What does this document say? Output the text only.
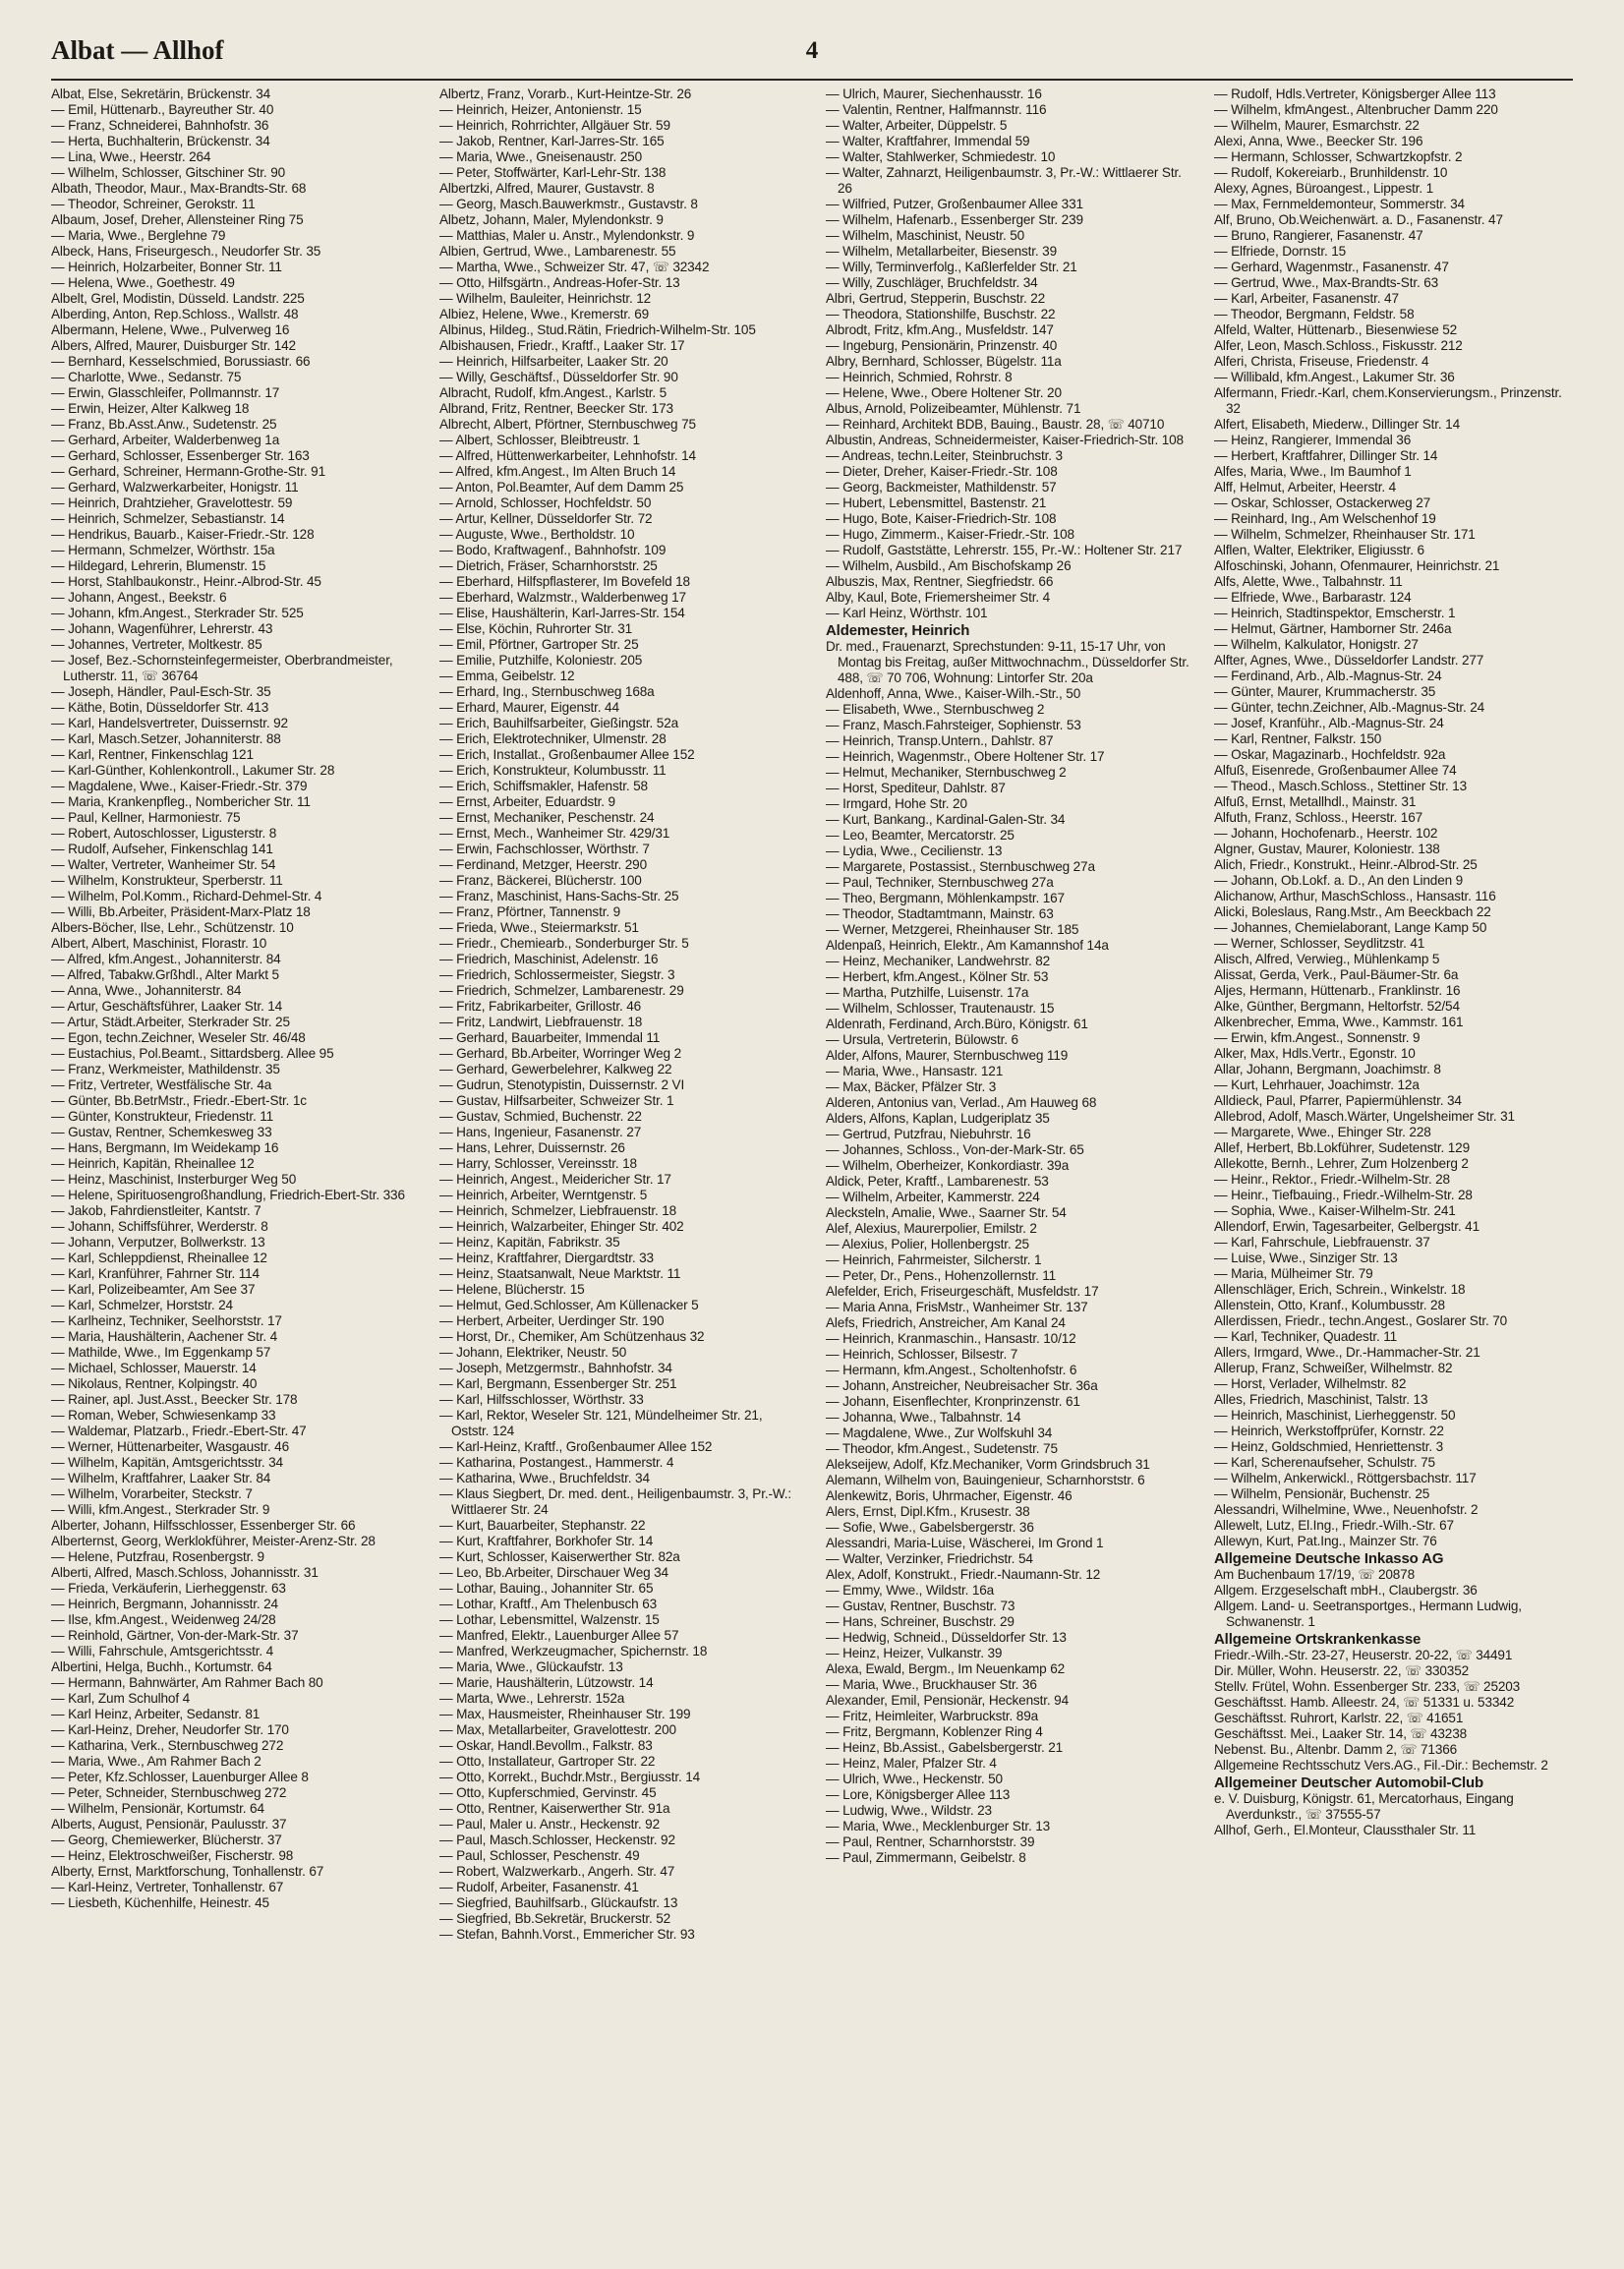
Albat — Allhof	4

Albat, Else, Sekretärin, Brückenstr. 34

— Emil, Hüttenarb., Bayreuther Str. 40

— Franz, Schneiderei, Bahnhofstr. 36

— Herta, Buchhalterin, Brückenstr. 34

— Lina, Wwe., Heerstr. 264

— Wilhelm, Schlosser, Gitschiner Str. 90

Albath, Theodor, Maur., Max-Brandts-Str. 68

— Theodor, Schreiner, Gerokstr. 11

Albaum, Josef, Dreher, Allensteiner Ring 75

— Maria, Wwe., Berglehne 79

Albeck, Hans, Friseurgesch., Neudorfer Str. 35

— Heinrich, Holzarbeiter, Bonner Str. 11

— Helena, Wwe., Goethestr. 49

Albelt, Grel, Modistin, Düsseld. Landstr. 225

Alberding, Anton, Rep.Schloss., Wallstr. 48

Albermann, Helene, Wwe., Pulverweg 16

Albers, Alfred, Maurer, Duisburger Str. 142

— Bernhard, Kesselschmied, Borussiastr. 66

— Charlotte, Wwe., Sedanstr. 75

— Erwin, Glasschleifer, Pollmannstr. 17

— Erwin, Heizer, Alter Kalkweg 18

— Franz, Bb.Asst.Anw., Sudetenstr. 25

— Gerhard, Arbeiter, Walderbenweg 1a

— Gerhard, Schlosser, Essenberger Str. 163

— Gerhard, Schreiner, Hermann-Grothe-Str. 91

— Gerhard, Walzwerkarbeiter, Honigstr. 11

— Heinrich, Drahtzieher, Gravelottestr. 59

— Heinrich, Schmelzer, Sebastianstr. 14

— Hendrikus, Bauarb., Kaiser-Friedr.-Str. 128

— Hermann, Schmelzer, Wörthstr. 15a

— Hildegard, Lehrerin, Blumenstr. 15

— Horst, Stahlbaukonstr., Heinr.-Albrod-Str. 45

— Johann, Angest., Beekstr. 6

— Johann, kfm.Angest., Sterkrader Str. 525

— Johann, Wagenführer, Lehrerstr. 43

— Johannes, Vertreter, Moltkestr. 85

— Josef, Bez.-Schornsteinfegermeister, Oberbrandmeister, Lutherstr. 11, ☏ 36764

— Joseph, Händler, Paul-Esch-Str. 35

— Käthe, Botin, Düsseldorfer Str. 413

— Karl, Handelsvertreter, Duissernstr. 92

— Karl, Masch.Setzer, Johanniterstr. 88

— Karl, Rentner, Finkenschlag 121

— Karl-Günther, Kohlenkontroll., Lakumer Str. 28

— Magdalene, Wwe., Kaiser-Friedr.-Str. 379

— Maria, Krankenpfleg., Nombericher Str. 11

— Paul, Kellner, Harmoniestr. 75

— Robert, Autoschlosser, Ligusterstr. 8

— Rudolf, Aufseher, Finkenschlag 141

— Walter, Vertreter, Wanheimer Str. 54

— Wilhelm, Konstrukteur, Sperberstr. 11

— Wilhelm, Pol.Komm., Richard-Dehmel-Str. 4

— Willi, Bb.Arbeiter, Präsident-Marx-Platz 18

Albers-Böcher, Ilse, Lehr., Schützenstr. 10

Albert, Albert, Maschinist, Florastr. 10

— Alfred, kfm.Angest., Johanniterstr. 84

— Alfred, Tabakw.Grßhdl., Alter Markt 5

— Anna, Wwe., Johanniterstr. 84

— Artur, Geschäftsführer, Laaker Str. 14

— Artur, Städt.Arbeiter, Sterkrader Str. 25

— Egon, techn.Zeichner, Weseler Str. 46/48

— Eustachius, Pol.Beamt., Sittardsberg. Allee 95

— Franz, Werkmeister, Mathildenstr. 35

— Fritz, Vertreter, Westfälische Str. 4a

— Günter, Bb.BetrMstr., Friedr.-Ebert-Str. 1c

— Günter, Konstrukteur, Friedenstr. 11

— Gustav, Rentner, Schemkesweg 33

— Hans, Bergmann, Im Weidekamp 16

— Heinrich, Kapitän, Rheinallee 12

— Heinz, Maschinist, Insterburger Weg 50

— Helene, Spirituosengroßhandlung, Friedrich-Ebert-Str. 336

— Jakob, Fahrdienstleiter, Kantstr. 7

— Johann, Schiffsführer, Werderstr. 8

— Johann, Verputzer, Bollwerkstr. 13

— Karl, Schleppdienst, Rheinallee 12

— Karl, Kranführer, Fahrner Str. 114

— Karl, Polizeibeamter, Am See 37

— Karl, Schmelzer, Horststr. 24

— Karlheinz, Techniker, Seelhorststr. 17

— Maria, Haushälterin, Aachener Str. 4

— Mathilde, Wwe., Im Eggenkamp 57

— Michael, Schlosser, Mauerstr. 14

— Nikolaus, Rentner, Kolpingstr. 40

— Rainer, apl. Just.Asst., Beecker Str. 178

— Roman, Weber, Schwiesenkamp 33

— Waldemar, Platzarb., Friedr.-Ebert-Str. 47

— Werner, Hüttenarbeiter, Wasgaustr. 46

— Wilhelm, Kapitän, Amtsgerichtsstr. 34

— Wilhelm, Kraftfahrer, Laaker Str. 84

— Wilhelm, Vorarbeiter, Steckstr. 7

— Willi, kfm.Angest., Sterkrader Str. 9

Alberter, Johann, Hilfsschlosser, Essenberger Str. 66

Alberternst, Georg, Werklokführer, Meister-Arenz-Str. 28

— Helene, Putzfrau, Rosenbergstr. 9

Alberti, Alfred, Masch.Schloss, Johannisstr. 31

— Frieda, Verkäuferin, Lierheggenstr. 63

— Heinrich, Bergmann, Johannisstr. 24

— Ilse, kfm.Angest., Weidenweg 24/28

— Reinhold, Gärtner, Von-der-Mark-Str. 37

— Willi, Fahrschule, Amtsgerichtsstr. 4

Albertini, Helga, Buchh., Kortumstr. 64

— Hermann, Bahnwärter, Am Rahmer Bach 80

— Karl, Zum Schulhof 4

— Karl Heinz, Arbeiter, Sedanstr. 81

— Karl-Heinz, Dreher, Neudorfer Str. 170

— Katharina, Verk., Sternbuschweg 272

— Maria, Wwe., Am Rahmer Bach 2

— Peter, Kfz.Schlosser, Lauenburger Allee 8

— Peter, Schneider, Sternbuschweg 272

— Wilhelm, Pensionär, Kortumstr. 64

Alberts, August, Pensionär, Paulusstr. 37

— Georg, Chemiewerker, Blücherstr. 37

— Heinz, Elektroschweißer, Fischerstr. 98

Alberty, Ernst, Marktforschung, Tonhallenstr. 67

— Karl-Heinz, Vertreter, Tonhallenstr. 67

— Liesbeth, Küchenhilfe, Heinestr. 45

Albertz, Franz, Vorarb., Kurt-Heintze-Str. 26

— Heinrich, Heizer, Antonienstr. 15

— Heinrich, Rohrrichter, Allgäuer Str. 59

— Jakob, Rentner, Karl-Jarres-Str. 165

— Maria, Wwe., Gneisenaustr. 250

— Peter, Stoffwärter, Karl-Lehr-Str. 138

Albertzki, Alfred, Maurer, Gustavstr. 8

— Georg, Masch.Bauwerkmstr., Gustavstr. 8

Albetz, Johann, Maler, Mylendonkstr. 9

— Matthias, Maler u. Anstr., Mylendonkstr. 9

Albien, Gertrud, Wwe., Lambarenestr. 55

— Martha, Wwe., Schweizer Str. 47, ☏ 32342

— Otto, Hilfsgärtn., Andreas-Hofer-Str. 13

— Wilhelm, Bauleiter, Heinrichstr. 12

Albiez, Helene, Wwe., Kremerstr. 69

Albinus, Hildeg., Stud.Rätin, Friedrich-Wilhelm-Str. 105

Albishausen, Friedr., Kraftf., Laaker Str. 17

— Heinrich, Hilfsarbeiter, Laaker Str. 20

— Willy, Geschäftsf., Düsseldorfer Str. 90

Albracht, Rudolf, kfm.Angest., Karlstr. 5

Albrand, Fritz, Rentner, Beecker Str. 173

Albrecht, Albert, Pförtner, Sternbuschweg 75

— Albert, Schlosser, Bleibtreustr. 1

— Alfred, Hüttenwerkarbeiter, Lehnhofstr. 14

— Alfred, kfm.Angest., Im Alten Bruch 14

— Anton, Pol.Beamter, Auf dem Damm 25

— Arnold, Schlosser, Hochfeldstr. 50

— Artur, Kellner, Düsseldorfer Str. 72

— Auguste, Wwe., Bertholdstr. 10

— Bodo, Kraftwagenf., Bahnhofstr. 109

— Dietrich, Fräser, Scharnhorststr. 25

— Eberhard, Hilfspflasterer, Im Bovefeld 18

— Eberhard, Walzmstr., Walderbenweg 17

— Elise, Haushälterin, Karl-Jarres-Str. 154

— Else, Köchin, Ruhrorter Str. 31

— Emil, Pförtner, Gartroper Str. 25

— Emilie, Putzhilfe, Koloniestr. 205

— Emma, Geibelstr. 12

— Erhard, Ing., Sternbuschweg 168a

— Erhard, Maurer, Eigenstr. 44

— Erich, Bauhilfsarbeiter, Gießingstr. 52a

— Erich, Elektrotechniker, Ulmenstr. 28

— Erich, Installat., Großenbaumer Allee 152

— Erich, Konstrukteur, Kolumbusstr. 11

— Erich, Schiffsmakler, Hafenstr. 58

— Ernst, Arbeiter, Eduardstr. 9

— Ernst, Mechaniker, Peschenstr. 24

— Ernst, Mech., Wanheimer Str. 429/31

— Erwin, Fachschlosser, Wörthstr. 7

— Ferdinand, Metzger, Heerstr. 290

— Franz, Bäckerei, Blücherstr. 100

— Franz, Maschinist, Hans-Sachs-Str. 25

— Franz, Pförtner, Tannenstr. 9

— Frieda, Wwe., Steiermarkstr. 51

— Friedr., Chemiearb., Sonderburger Str. 5

— Friedrich, Maschinist, Adelenstr. 16

— Friedrich, Schlossermeister, Siegstr. 3

— Friedrich, Schmelzer, Lambarenestr. 29

— Fritz, Fabrikarbeiter, Grillostr. 46

— Fritz, Landwirt, Liebfrauenstr. 18

— Gerhard, Bauarbeiter, Immendal 11

— Gerhard, Bb.Arbeiter, Worringer Weg 2

— Gerhard, Gewerbelehrer, Kalkweg 22

— Gudrun, Stenotypistin, Duissernstr. 2 VI

— Gustav, Hilfsarbeiter, Schweizer Str. 1

— Gustav, Schmied, Buchenstr. 22

— Hans, Ingenieur, Fasanenstr. 27

— Hans, Lehrer, Duissernstr. 26

— Harry, Schlosser, Vereinsstr. 18

— Heinrich, Angest., Meidericher Str. 17

— Heinrich, Arbeiter, Werntgenstr. 5

— Heinrich, Schmelzer, Liebfrauenstr. 18

— Heinrich, Walzarbeiter, Ehinger Str. 402

— Heinz, Kapitän, Fabrikstr. 35

— Heinz, Kraftfahrer, Diergardtstr. 33

— Heinz, Staatsanwalt, Neue Marktstr. 11

— Helene, Blücherstr. 15

— Helmut, Ged.Schlosser, Am Küllenacker 5

— Herbert, Arbeiter, Uerdinger Str. 190

— Horst, Dr., Chemiker, Am Schützenhaus 32

— Johann, Elektriker, Neustr. 50

— Joseph, Metzgermstr., Bahnhofstr. 34

— Karl, Bergmann, Essenberger Str. 251

— Karl, Hilfsschlosser, Wörthstr. 33

— Karl, Rektor, Weseler Str. 121, Mündelheimer Str. 21, Oststr. 124

— Karl-Heinz, Kraftf., Großenbaumer Allee 152

— Katharina, Postangest., Hammerstr. 4

— Katharina, Wwe., Bruchfeldstr. 34

— Klaus Siegbert, Dr. med. dent., Heiligenbaumstr. 3, Pr.-W.: Wittlaerer Str. 24

— Kurt, Bauarbeiter, Stephanstr. 22

— Kurt, Kraftfahrer, Borkhofer Str. 14

— Kurt, Schlosser, Kaiserwerther Str. 82a

— Leo, Bb.Arbeiter, Dirschauer Weg 34

— Lothar, Bauing., Johanniter Str. 65

— Lothar, Kraftf., Am Thelenbusch 63

— Lothar, Lebensmittel, Walzenstr. 15

— Manfred, Elektr., Lauenburger Allee 57

— Manfred, Werkzeugmacher, Spichernstr. 18

— Maria, Wwe., Glückaufstr. 13

— Marie, Haushälterin, Lützowstr. 14

— Marta, Wwe., Lehrerstr. 152a

— Max, Hausmeister, Rheinhauser Str. 199

— Max, Metallarbeiter, Gravelottestr. 200

— Oskar, Handl.Bevollm., Falkstr. 83

— Otto, Installateur, Gartroper Str. 22

— Otto, Korrekt., Buchdr.Mstr., Bergiusstr. 14

— Otto, Kupferschmied, Gervinstr. 45

— Otto, Rentner, Kaiserwerther Str. 91a

— Paul, Maler u. Anstr., Heckenstr. 92

— Paul, Masch.Schlosser, Heckenstr. 92

— Paul, Schlosser, Peschenstr. 49

— Robert, Walzwerkarb., Angerh. Str. 47

— Rudolf, Arbeiter, Fasanenstr. 41

— Siegfried, Bauhilfsarb., Glückaufstr. 13

— Siegfried, Bb.Sekretär, Bruckerstr. 52

— Stefan, Bahnh.Vorst., Emmericher Str. 93

— Ulrich, Maurer, Siechenhausstr. 16

— Valentin, Rentner, Halfmannstr. 116

— Walter, Arbeiter, Düppelstr. 5

— Walter, Kraftfahrer, Immendal 59

— Walter, Stahlwerker, Schmiedestr. 10

— Walter, Zahnarzt, Heiligenbaumstr. 3, Pr.-W.: Wittlaerer Str. 26

— Wilfried, Putzer, Großenbaumer Allee 331

— Wilhelm, Hafenarb., Essenberger Str. 239

— Wilhelm, Maschinist, Neustr. 50

— Wilhelm, Metallarbeiter, Biesenstr. 39

— Willy, Terminverfolg., Kaßlerfelder Str. 21

— Willy, Zuschläger, Bruchfeldstr. 34

Albri, Gertrud, Stepperin, Buschstr. 22

— Theodora, Stationshilfe, Buschstr. 22

Albrodt, Fritz, kfm.Ang., Musfeldstr. 147

— Ingeburg, Pensionärin, Prinzenstr. 40

Albry, Bernhard, Schlosser, Bügelstr. 11a

— Heinrich, Schmied, Rohrstr. 8

— Helene, Wwe., Obere Holtener Str. 20

Albus, Arnold, Polizeibeamter, Mühlenstr. 71

— Reinhard, Architekt BDB, Bauing., Baustr. 28, ☏ 40710

Albustin, Andreas, Schneidermeister, Kaiser-Friedrich-Str. 108

— Andreas, techn.Leiter, Steinbruchstr. 3

— Dieter, Dreher, Kaiser-Friedr.-Str. 108

— Georg, Backmeister, Mathildenstr. 57

— Hubert, Lebensmittel, Bastenstr. 21

— Hugo, Bote, Kaiser-Friedrich-Str. 108

— Hugo, Zimmerm., Kaiser-Friedr.-Str. 108

— Rudolf, Gaststätte, Lehrerstr. 155, Pr.-W.: Holtener Str. 217

— Wilhelm, Ausbild., Am Bischofskamp 26

Albuszis, Max, Rentner, Siegfriedstr. 66

Alby, Kaul, Bote, Friemersheimer Str. 4

— Karl Heinz, Wörthstr. 101

Aldemester, Heinrich

Dr. med., Frauenarzt, Sprechstunden: 9-11, 15-17 Uhr, von Montag bis Freitag, außer Mittwochnachm., Düsseldorfer Str. 488, ☏ 70 706, Wohnung: Lintorfer Str. 20a

Aldenhoff, Anna, Wwe., Kaiser-Wilh.-Str., 50

— Elisabeth, Wwe., Sternbuschweg 2

— Franz, Masch.Fahrsteiger, Sophienstr. 53

— Heinrich, Transp.Untern., Dahlstr. 87

— Heinrich, Wagenmstr., Obere Holtener Str. 17

— Helmut, Mechaniker, Sternbuschweg 2

— Horst, Spediteur, Dahlstr. 87

— Irmgard, Hohe Str. 20

— Kurt, Bankang., Kardinal-Galen-Str. 34

— Leo, Beamter, Mercatorstr. 25

— Lydia, Wwe., Cecilienstr. 13

— Margarete, Postassist., Sternbuschweg 27a

— Paul, Techniker, Sternbuschweg 27a

— Theo, Bergmann, Möhlenkampstr. 167

— Theodor, Stadtamtmann, Mainstr. 63

— Werner, Metzgerei, Rheinhauser Str. 185

Aldenpaß, Heinrich, Elektr., Am Kamannshof 14a

— Heinz, Mechaniker, Landwehrstr. 82

— Herbert, kfm.Angest., Kölner Str. 53

— Martha, Putzhilfe, Luisenstr. 17a

— Wilhelm, Schlosser, Trautenaustr. 15

Aldenrath, Ferdinand, Arch.Büro, Königstr. 61

— Ursula, Vertreterin, Bülowstr. 6

Alder, Alfons, Maurer, Sternbuschweg 119

— Maria, Wwe., Hansastr. 121

— Max, Bäcker, Pfälzer Str. 3

Alderen, Antonius van, Verlad., Am Hauweg 68

Alders, Alfons, Kaplan, Ludgeriplatz 35

— Gertrud, Putzfrau, Niebuhrstr. 16

— Johannes, Schloss., Von-der-Mark-Str. 65

— Wilhelm, Oberheizer, Konkordiastr. 39a

Aldick, Peter, Kraftf., Lambarenestr. 53

— Wilhelm, Arbeiter, Kammerstr. 224

Alecksteln, Amalie, Wwe., Saarner Str. 54

Alef, Alexius, Maurerpolier, Emilstr. 2

— Alexius, Polier, Hollenbergstr. 25

— Heinrich, Fahrmeister, Silcherstr. 1

— Peter, Dr., Pens., Hohenzollernstr. 11

Alefelder, Erich, Friseurgeschäft, Musfeldstr. 17

— Maria Anna, FrisMstr., Wanheimer Str. 137

Alefs, Friedrich, Anstreicher, Am Kanal 24

— Heinrich, Kranmaschin., Hansastr. 10/12

— Heinrich, Schlosser, Bilsestr. 7

— Hermann, kfm.Angest., Scholtenhofstr. 6

— Johann, Anstreicher, Neubreisacher Str. 36a

— Johann, Eisenflechter, Kronprinzenstr. 61

— Johanna, Wwe., Talbahnstr. 14

— Magdalene, Wwe., Zur Wolfskuhl 34

— Theodor, kfm.Angest., Sudetenstr. 75

Alekseijew, Adolf, Kfz.Mechaniker, Vorm Grindsbruch 31

Alemann, Wilhelm von, Bauingenieur, Scharnhorststr. 6

Alenkewitz, Boris, Uhrmacher, Eigenstr. 46

Alers, Ernst, Dipl.Kfm., Krusestr. 38

— Sofie, Wwe., Gabelsbergerstr. 36

Alessandri, Maria-Luise, Wäscherei, Im Grond 1

— Walter, Verzinker, Friedrichstr. 54

Alex, Adolf, Konstrukt., Friedr.-Naumann-Str. 12

— Emmy, Wwe., Wildstr. 16a

— Gustav, Rentner, Buschstr. 73

— Hans, Schreiner, Buschstr. 29

— Hedwig, Schneid., Düsseldorfer Str. 13

— Heinz, Heizer, Vulkanstr. 39

Alexa, Ewald, Bergm., Im Neuenkamp 62

— Maria, Wwe., Bruckhauser Str. 36

Alexander, Emil, Pensionär, Heckenstr. 94

— Fritz, Heimleiter, Warbruckstr. 89a

— Fritz, Bergmann, Koblenzer Ring 4

— Heinz, Bb.Assist., Gabelsbergerstr. 21

— Heinz, Maler, Pfalzer Str. 4

— Ulrich, Wwe., Heckenstr. 50

— Lore, Königsberger Allee 113

— Ludwig, Wwe., Wildstr. 23

— Maria, Wwe., Mecklenburger Str. 13

— Paul, Rentner, Scharnhorststr. 39

— Paul, Zimmermann, Geibelstr. 8

— Rudolf, Hdls.Vertreter, Königsberger Allee 113

— Wilhelm, kfmAngest., Altenbrucher Damm 220

— Wilhelm, Maurer, Esmarchstr. 22

Alexi, Anna, Wwe., Beecker Str. 196

— Hermann, Schlosser, Schwartzkopfstr. 2

— Rudolf, Kokereiarb., Brunhildenstr. 10

Alexy, Agnes, Büroangest., Lippestr. 1

— Max, Fernmeldemonteur, Sommerstr. 34

Alf, Bruno, Ob.Weichenwärt. a. D., Fasanenstr. 47

— Bruno, Rangierer, Fasanenstr. 47

— Elfriede, Dornstr. 15

— Gerhard, Wagenmstr., Fasanenstr. 47

— Gertrud, Wwe., Max-Brandts-Str. 63

— Karl, Arbeiter, Fasanenstr. 47

— Theodor, Bergmann, Feldstr. 58

Alfeld, Walter, Hüttenarb., Biesenwiese 52

Alfer, Leon, Masch.Schloss., Fiskusstr. 212

Alferi, Christa, Friseuse, Friedenstr. 4

— Willibald, kfm.Angest., Lakumer Str. 36

Alfermann, Friedr.-Karl, chem.Konservierungsm., Prinzenstr. 32

Alfert, Elisabeth, Miederw., Dillinger Str. 14

— Heinz, Rangierer, Immendal 36

— Herbert, Kraftfahrer, Dillinger Str. 14

Alfes, Maria, Wwe., Im Baumhof 1

Alff, Helmut, Arbeiter, Heerstr. 4

— Oskar, Schlosser, Ostackerweg 27

— Reinhard, Ing., Am Welschenhof 19

— Wilhelm, Schmelzer, Rheinhauser Str. 171

Alflen, Walter, Elektriker, Eligiusstr. 6

Alfoschinski, Johann, Ofenmaurer, Heinrichstr. 21

Alfs, Alette, Wwe., Talbahnstr. 11

— Elfriede, Wwe., Barbarastr. 124

— Heinrich, Stadtinspektor, Emscherstr. 1

— Helmut, Gärtner, Hamborner Str. 246a

— Wilhelm, Kalkulator, Honigstr. 27

Alfter, Agnes, Wwe., Düsseldorfer Landstr. 277

— Ferdinand, Arb., Alb.-Magnus-Str. 24

— Günter, Maurer, Krummacherstr. 35

— Günter, techn.Zeichner, Alb.-Magnus-Str. 24

— Josef, Kranführ., Alb.-Magnus-Str. 24

— Karl, Rentner, Falkstr. 150

— Oskar, Magazinarb., Hochfeldstr. 92a

Alfuß, Eisenrede, Großenbaumer Allee 74

— Theod., Masch.Schloss., Stettiner Str. 13

Alfuß, Ernst, Metallhdl., Mainstr. 31

Alfuth, Franz, Schloss., Heerstr. 167

— Johann, Hochofenarb., Heerstr. 102

Algner, Gustav, Maurer, Koloniestr. 138

Alich, Friedr., Konstrukt., Heinr.-Albrod-Str. 25

— Johann, Ob.Lokf. a. D., An den Linden 9

Alichanow, Arthur, MaschSchloss., Hansastr. 116

Alicki, Boleslaus, Rang.Mstr., Am Beeckbach 22

— Johannes, Chemielaborant, Lange Kamp 50

— Werner, Schlosser, Seydlitzstr. 41

Alisch, Alfred, Verwieg., Mühlenkamp 5

Alissat, Gerda, Verk., Paul-Bäumer-Str. 6a

Aljes, Hermann, Hüttenarb., Franklinstr. 16

Alke, Günther, Bergmann, Heltorfstr. 52/54

Alkenbrecher, Emma, Wwe., Kammstr. 161

— Erwin, kfm.Angest., Sonnenstr. 9

Alker, Max, Hdls.Vertr., Egonstr. 10

Allar, Johann, Bergmann, Joachimstr. 8

— Kurt, Lehrhauer, Joachimstr. 12a

Alldieck, Paul, Pfarrer, Papiermühlenstr. 34

Allebrod, Adolf, Masch.Wärter, Ungelsheimer Str. 31

— Margarete, Wwe., Ehinger Str. 228

Allef, Herbert, Bb.Lokführer, Sudetenstr. 129

Allekotte, Bernh., Lehrer, Zum Holzenberg 2

— Heinr., Rektor., Friedr.-Wilhelm-Str. 28

— Heinr., Tiefbauing., Friedr.-Wilhelm-Str. 28

— Sophia, Wwe., Kaiser-Wilhelm-Str. 241

Allendorf, Erwin, Tagesarbeiter, Gelbergstr. 41

— Karl, Fahrschule, Liebfrauenstr. 37

— Luise, Wwe., Sinziger Str. 13

— Maria, Mülheimer Str. 79

Allenschläger, Erich, Schrein., Winkelstr. 18

Allenstein, Otto, Kranf., Kolumbusstr. 28

Allerdissen, Friedr., techn.Angest., Goslarer Str. 70

— Karl, Techniker, Quadestr. 11

Allers, Irmgard, Wwe., Dr.-Hammacher-Str. 21

Allerup, Franz, Schweißer, Wilhelmstr. 82

— Horst, Verlader, Wilhelmstr. 82

Alles, Friedrich, Maschinist, Talstr. 13

— Heinrich, Maschinist, Lierheggenstr. 50

— Heinrich, Werkstoffprüfer, Kornstr. 22

— Heinz, Goldschmied, Henriettenstr. 3

— Karl, Scherenaufseher, Schulstr. 75

— Wilhelm, Ankerwickl., Röttgersbachstr. 117

— Wilhelm, Pensionär, Buchenstr. 25

Alessandri, Wilhelmine, Wwe., Neuenhofstr. 2

Allewelt, Lutz, El.Ing., Friedr.-Wilh.-Str. 67

Allewyn, Kurt, Pat.Ing., Mainzer Str. 76

Allgemeine Deutsche Inkasso AG

Am Buchenbaum 17/19, ☏ 20878

Allgem. Erzgeselschaft mbH., Claubergstr. 36

Allgem. Land- u. Seetransportges., Hermann Ludwig, Schwanenstr. 1

Allgemeine Ortskrankenkasse

Friedr.-Wilh.-Str. 23-27, Heuserstr. 20-22, ☏ 34491

Dir. Müller, Wohn. Heuserstr. 22, ☏ 330352

Stellv. Frütel, Wohn. Essenberger Str. 233, ☏ 25203

Geschäftsst. Hamb. Alleestr. 24, ☏ 51331 u. 53342

Geschäftsst. Ruhrort, Karlstr. 22, ☏ 41651

Geschäftsst. Mei., Laaker Str. 14, ☏ 43238

Nebenst. Bu., Altenbr. Damm 2, ☏ 71366

Allgemeine Rechtsschutz Vers.AG., Fil.-Dir.: Bechemstr. 2

Allgemeiner Deutscher Automobil-Club

e. V. Duisburg, Königstr. 61, Mercatorhaus, Eingang Averdunkstr., ☏ 37555-57

Allhof, Gerh., El.Monteur, Claussthaler Str. 11
